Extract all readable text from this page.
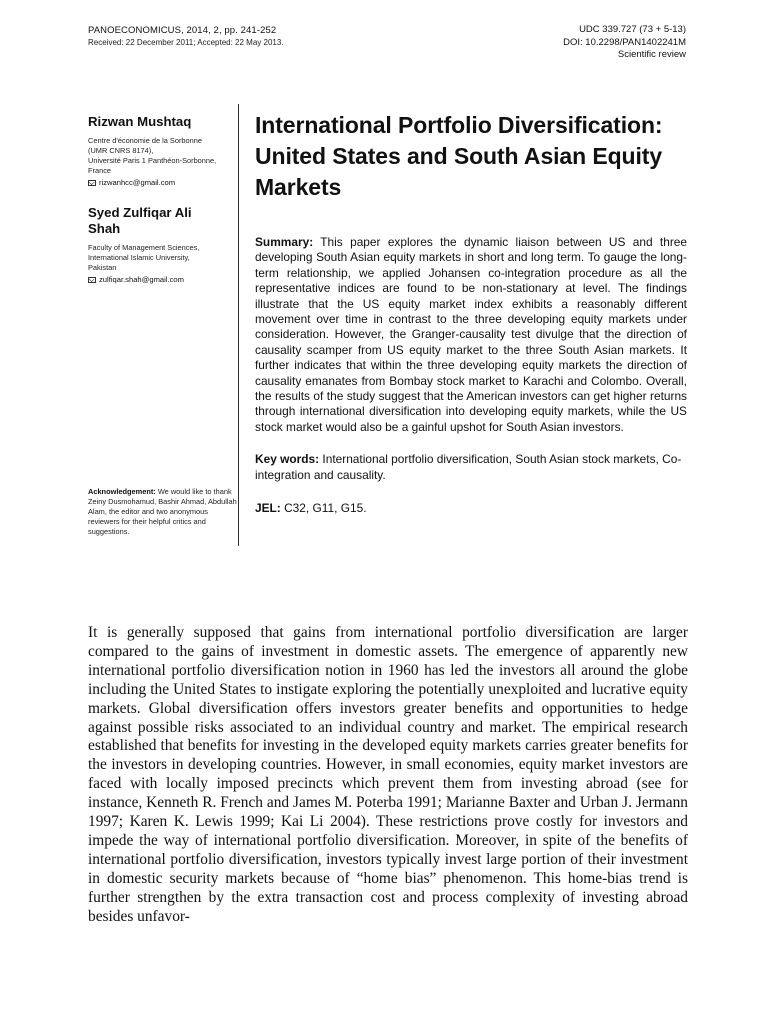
PANOECONOMICUS, 2014, 2, pp. 241-252
Received: 22 December 2011; Accepted: 22 May 2013.
UDC 339.727 (73 + 5-13)
DOI: 10.2298/PAN1402241M
Scientific review
Rizwan Mushtaq
Centre d'économie de la Sorbonne
(UMR CNRS 8174),
Université Paris 1 Panthéon-Sorbonne,
France
rizwanhcc@gmail.com
Syed Zulfiqar Ali
Shah
Faculty of Management Sciences,
International Islamic University,
Pakistan
zulfiqar.shah@gmail.com
Acknowledgement: We would like to thank Zeiny Dusmohamud, Bashir Ahmad, Abdullah Alam, the editor and two anonymous reviewers for their helpful critics and suggestions.
International Portfolio Diversification: United States and South Asian Equity Markets
Summary: This paper explores the dynamic liaison between US and three developing South Asian equity markets in short and long term. To gauge the long-term relationship, we applied Johansen co-integration procedure as all the representative indices are found to be non-stationary at level. The findings illustrate that the US equity market index exhibits a reasonably different movement over time in contrast to the three developing equity markets under consideration. However, the Granger-causality test divulge that the direction of causality scamper from US equity market to the three South Asian markets. It further indicates that within the three developing equity markets the direction of causality emanates from Bombay stock market to Karachi and Colombo. Overall, the results of the study suggest that the American investors can get higher returns through international diversification into developing equity markets, while the US stock market would also be a gainful upshot for South Asian investors.
Key words: International portfolio diversification, South Asian stock markets, Co-integration and causality.
JEL: C32, G11, G15.
It is generally supposed that gains from international portfolio diversification are larger compared to the gains of investment in domestic assets. The emergence of apparently new international portfolio diversification notion in 1960 has led the investors all around the globe including the United States to instigate exploring the potentially unexploited and lucrative equity markets. Global diversification offers investors greater benefits and opportunities to hedge against possible risks associated to an individual country and market. The empirical research established that benefits for investing in the developed equity markets carries greater benefits for the investors in developing countries. However, in small economies, equity market investors are faced with locally imposed precincts which prevent them from investing abroad (see for instance, Kenneth R. French and James M. Poterba 1991; Marianne Baxter and Urban J. Jermann 1997; Karen K. Lewis 1999; Kai Li 2004). These restrictions prove costly for investors and impede the way of international portfolio diversification. Moreover, in spite of the benefits of international portfolio diversification, investors typically invest large portion of their investment in domestic security markets because of “home bias” phenomenon. This home-bias trend is further strengthen by the extra transaction cost and process complexity of investing abroad besides unfavor-
